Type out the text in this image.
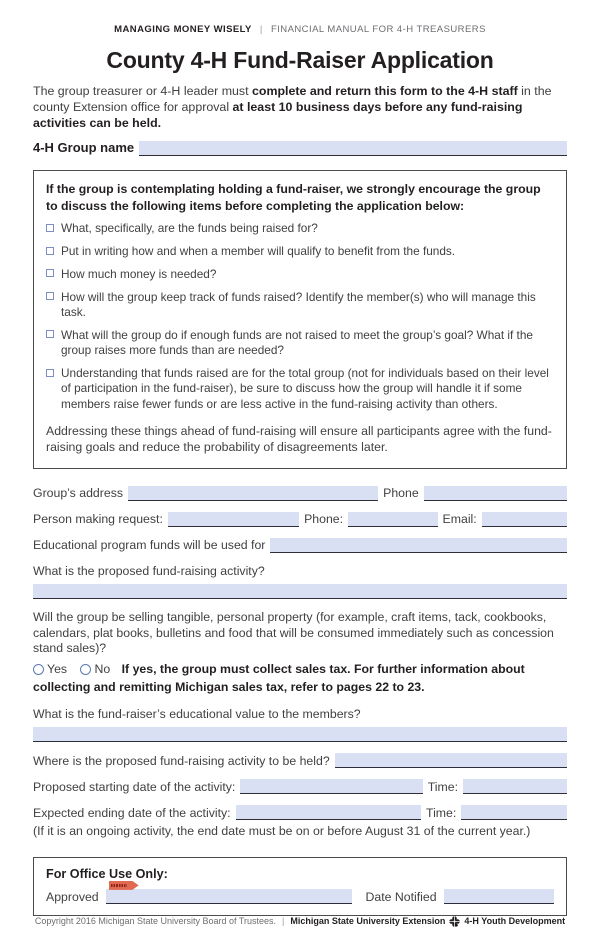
MANAGING MONEY WISELY | FINANCIAL MANUAL FOR 4-H TREASURERS
County 4-H Fund-Raiser Application
The group treasurer or 4-H leader must complete and return this form to the 4-H staff in the county Extension office for approval at least 10 business days before any fund-raising activities can be held.
4-H Group name
If the group is contemplating holding a fund-raiser, we strongly encourage the group to discuss the following items before completing the application below:
What, specifically, are the funds being raised for?
Put in writing how and when a member will qualify to benefit from the funds.
How much money is needed?
How will the group keep track of funds raised? Identify the member(s) who will manage this task.
What will the group do if enough funds are not raised to meet the group’s goal? What if the group raises more funds than are needed?
Understanding that funds raised are for the total group (not for individuals based on their level of participation in the fund-raiser), be sure to discuss how the group will handle it if some members raise fewer funds or are less active in the fund-raising activity than others.
Addressing these things ahead of fund-raising will ensure all participants agree with the fund-raising goals and reduce the probability of disagreements later.
Group’s address	Phone
Person making request:	Phone:	Email:
Educational program funds will be used for
What is the proposed fund-raising activity?
Will the group be selling tangible, personal property (for example, craft items, tack, cookbooks, calendars, plat books, bulletins and food that will be consumed immediately such as concession stand sales)?
Yes No If yes, the group must collect sales tax. For further information about collecting and remitting Michigan sales tax, refer to pages 22 to 23.
What is the fund-raiser’s educational value to the members?
Where is the proposed fund-raising activity to be held?
Proposed starting date of the activity:	Time:
Expected ending date of the activity:	Time:
(If it is an ongoing activity, the end date must be on or before August 31 of the current year.)
For Office Use Only:
Approved	Date Notified
Copyright 2016 Michigan State University Board of Trustees. | Michigan State University Extension 4-H Youth Development
